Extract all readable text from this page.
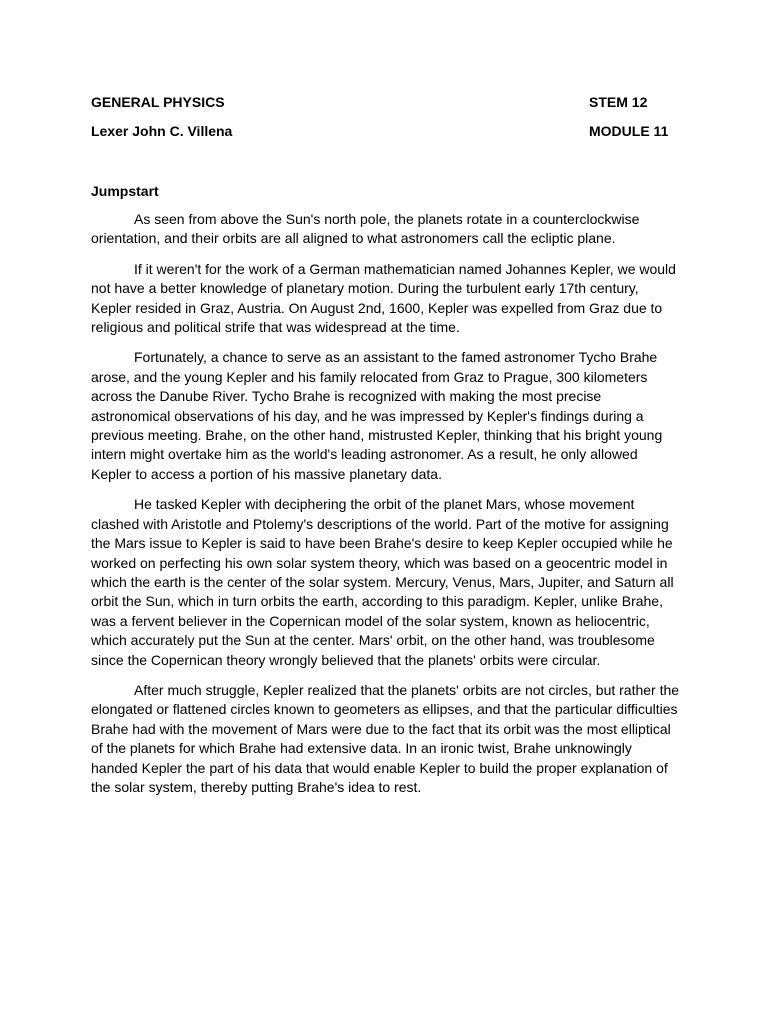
GENERAL PHYSICS	STEM 12
Lexer John C. Villena	MODULE 11
Jumpstart

As seen from above the Sun's north pole, the planets rotate in a counterclockwise orientation, and their orbits are all aligned to what astronomers call the ecliptic plane.

If it weren't for the work of a German mathematician named Johannes Kepler, we would not have a better knowledge of planetary motion. During the turbulent early 17th century, Kepler resided in Graz, Austria. On August 2nd, 1600, Kepler was expelled from Graz due to religious and political strife that was widespread at the time.

Fortunately, a chance to serve as an assistant to the famed astronomer Tycho Brahe arose, and the young Kepler and his family relocated from Graz to Prague, 300 kilometers across the Danube River. Tycho Brahe is recognized with making the most precise astronomical observations of his day, and he was impressed by Kepler's findings during a previous meeting. Brahe, on the other hand, mistrusted Kepler, thinking that his bright young intern might overtake him as the world's leading astronomer. As a result, he only allowed Kepler to access a portion of his massive planetary data.

He tasked Kepler with deciphering the orbit of the planet Mars, whose movement clashed with Aristotle and Ptolemy's descriptions of the world. Part of the motive for assigning the Mars issue to Kepler is said to have been Brahe's desire to keep Kepler occupied while he worked on perfecting his own solar system theory, which was based on a geocentric model in which the earth is the center of the solar system. Mercury, Venus, Mars, Jupiter, and Saturn all orbit the Sun, which in turn orbits the earth, according to this paradigm. Kepler, unlike Brahe, was a fervent believer in the Copernican model of the solar system, known as heliocentric, which accurately put the Sun at the center. Mars' orbit, on the other hand, was troublesome since the Copernican theory wrongly believed that the planets' orbits were circular.

After much struggle, Kepler realized that the planets' orbits are not circles, but rather the elongated or flattened circles known to geometers as ellipses, and that the particular difficulties Brahe had with the movement of Mars were due to the fact that its orbit was the most elliptical of the planets for which Brahe had extensive data. In an ironic twist, Brahe unknowingly handed Kepler the part of his data that would enable Kepler to build the proper explanation of the solar system, thereby putting Brahe's idea to rest.
